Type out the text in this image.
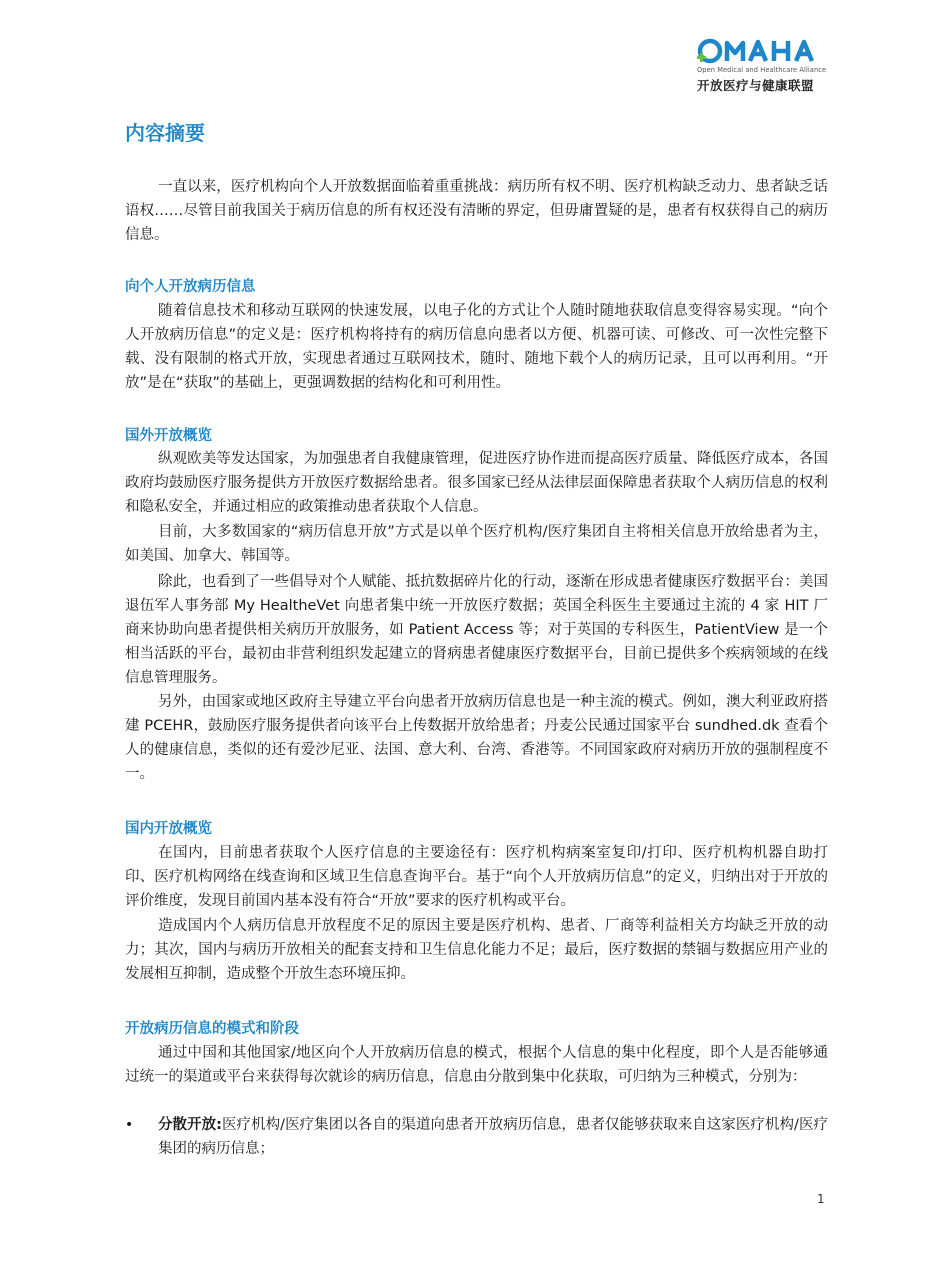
Open Medical and Healthcare Alliance
开放医疗与健康联盟
内容摘要

一直以来，医疗机构向个人开放数据面临着重重挑战：病历所有权不明、医疗机构缺乏动力、患者缺乏话语权……尽管目前我国关于病历信息的所有权还没有清晰的界定，但毋庸置疑的是，患者有权获得自己的病历信息。

向个人开放病历信息

随着信息技术和移动互联网的快速发展，以电子化的方式让个人随时随地获取信息变得容易实现。“向个人开放病历信息”的定义是：医疗机构将持有的病历信息向患者以方便、机器可读、可修改、可一次性完整下载、没有限制的格式开放，实现患者通过互联网技术，随时、随地下载个人的病历记录，且可以再利用。“开放”是在“获取”的基础上，更强调数据的结构化和可利用性。

国外开放概览

纵观欧美等发达国家，为加强患者自我健康管理，促进医疗协作进而提高医疗质量、降低医疗成本，各国政府均鼓励医疗服务提供方开放医疗数据给患者。很多国家已经从法律层面保障患者获取个人病历信息的权利和隐私安全，并通过相应的政策推动患者获取个人信息。

目前，大多数国家的“病历信息开放”方式是以单个医疗机构/医疗集团自主将相关信息开放给患者为主，如美国、加拿大、韩国等。

除此，也看到了一些倡导对个人赋能、抵抗数据碎片化的行动，逐渐在形成患者健康医疗数据平台：美国退伍军人事务部 My HealtheVet 向患者集中统一开放医疗数据；英国全科医生主要通过主流的 4 家 HIT 厂商来协助向患者提供相关病历开放服务，如 Patient Access 等；对于英国的专科医生，PatientView 是一个相当活跃的平台，最初由非营利组织发起建立的肾病患者健康医疗数据平台，目前已提供多个疾病领域的在线信息管理服务。

另外，由国家或地区政府主导建立平台向患者开放病历信息也是一种主流的模式。例如，澳大利亚政府搭建 PCEHR，鼓励医疗服务提供者向该平台上传数据开放给患者；丹麦公民通过国家平台 sundhed.dk 查看个人的健康信息，类似的还有爱沙尼亚、法国、意大利、台湾、香港等。不同国家政府对病历开放的强制程度不一。

国内开放概览

在国内，目前患者获取个人医疗信息的主要途径有：医疗机构病案室复印/打印、医疗机构机器自助打印、医疗机构网络在线查询和区域卫生信息查询平台。基于“向个人开放病历信息”的定义，归纳出对于开放的评价维度，发现目前国内基本没有符合“开放”要求的医疗机构或平台。

造成国内个人病历信息开放程度不足的原因主要是医疗机构、患者、厂商等利益相关方均缺乏开放的动力；其次，国内与病历开放相关的配套支持和卫生信息化能力不足；最后，医疗数据的禁锢与数据应用产业的发展相互抑制，造成整个开放生态环境压抑。

开放病历信息的模式和阶段

通过中国和其他国家/地区向个人开放病历信息的模式，根据个人信息的集中化程度，即个人是否能够通过统一的渠道或平台来获得每次就诊的病历信息，信息由分散到集中化获取，可归纳为三种模式，分别为：

• 分散开放:医疗机构/医疗集团以各自的渠道向患者开放病历信息，患者仅能够获取来自这家医疗机构/医疗集团的病历信息；
1
